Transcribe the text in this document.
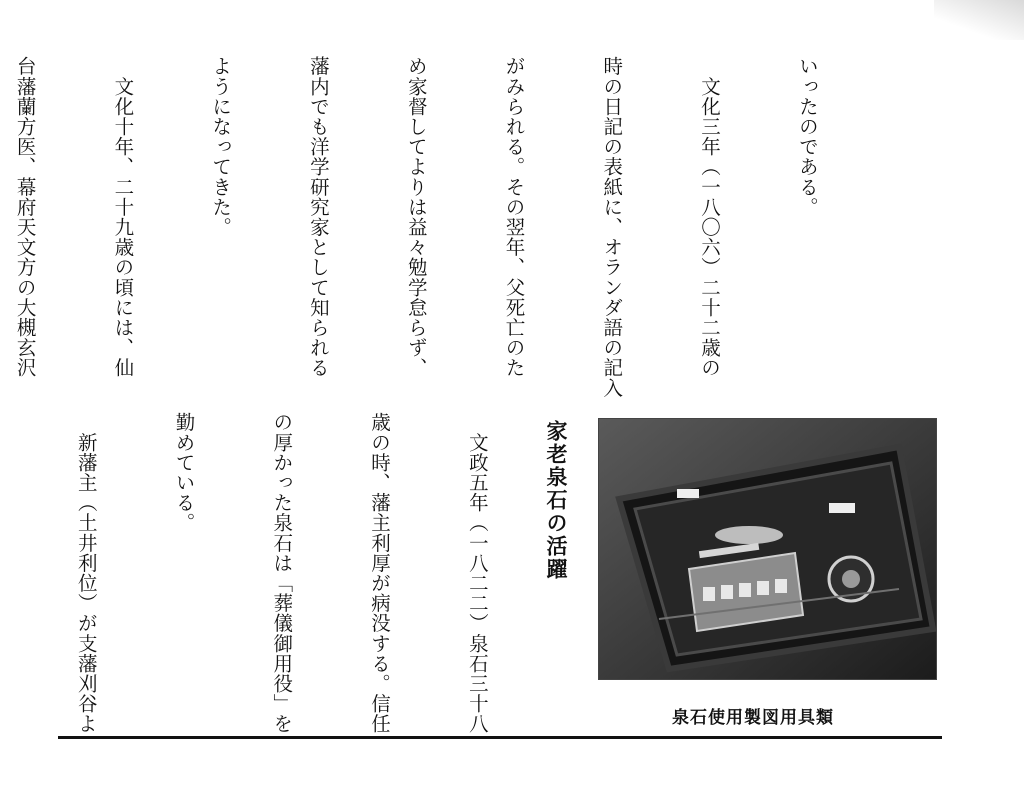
いったのである。

　文化三年（一八〇六）二十二歳の

時の日記の表紙に、オランダ語の記入

がみられる。その翌年、父死亡のた

め家督してよりは益々勉学怠らず、

藩内でも洋学研究家として知られる

ようになってきた。

　文化十年、二十九歳の頃には、仙

台藩蘭方医、幕府天文方の大槻玄沢

家老泉石の活躍

　文政五年（一八二二）泉石三十八

歳の時、藩主利厚が病没する。信任

の厚かった泉石は「葬儀御用役」を

勤めている。

　新藩主（土井利位）が支藩刈谷よ

	泉石使用製図用具類
